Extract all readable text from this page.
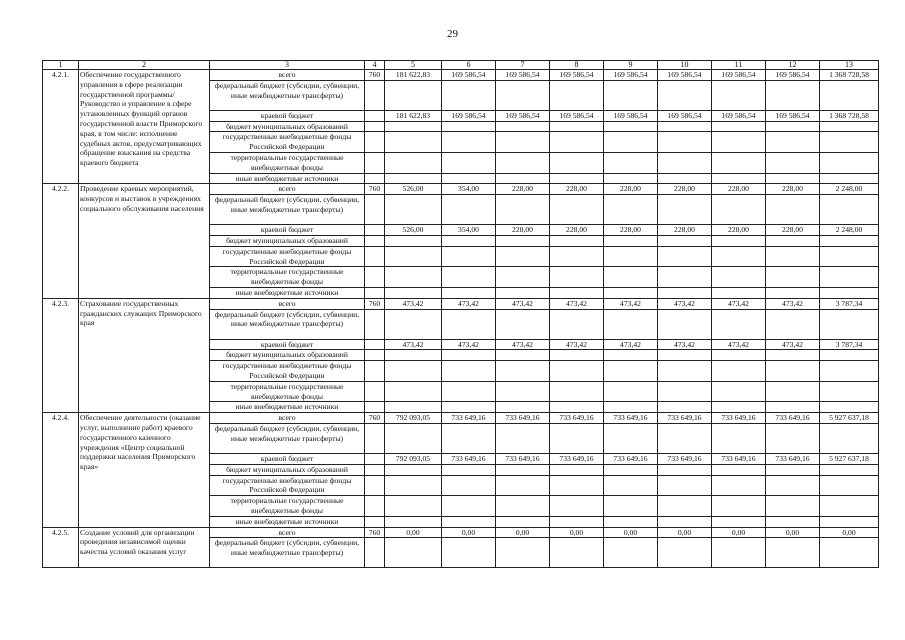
29
1	2	3	4	5	6	7	8	9	10	11	12	13
4.2.1.	Обеспечение государственного управления в сфере реализации государственной программы/ Руководство и управление в сфере установленных функций органов государственной власти Приморского края, в том числе: исполнение судебных актов, предусматривающих обращение взыскания на средства краевого бюджета	всего	760	181 622,83	169 586,54	169 586,54	169 586,54	169 586,54	169 586,54	169 586,54	169 586,54	1 368 728,58
		федеральный бюджет (субсидии, субвенции, иные межбюджетные трансферты)										
		краевой бюджет		181 622,83	169 586,54	169 586,54	169 586,54	169 586,54	169 586,54	169 586,54	169 586,54	1 368 728,58
		бюджет муниципальных образований										
		государственные внебюджетные фонды Российской Федерации										
		территориальные государственные внебюджетные фонды										
		иные внебюджетные источники										
4.2.2.	Проведение краевых мероприятий, конкурсов и выставок в учреждениях социального обслуживания населения	всего	760	526,00	354,00	228,00	228,00	228,00	228,00	228,00	228,00	2 248,00
		федеральный бюджет (субсидии, субвенции, иные межбюджетные трансферты)										
		краевой бюджет		526,00	354,00	228,00	228,00	228,00	228,00	228,00	228,00	2 248,00
		бюджет муниципальных образований										
		государственные внебюджетные фонды Российской Федерации										
		территориальные государственные внебюджетные фонды										
		иные внебюджетные источники										
4.2.3.	Страхование государственных гражданских служащих Приморского края	всего	760	473,42	473,42	473,42	473,42	473,42	473,42	473,42	473,42	3 787,34
		федеральный бюджет (субсидии, субвенции, иные межбюджетные трансферты)										
		краевой бюджет		473,42	473,42	473,42	473,42	473,42	473,42	473,42	473,42	3 787,34
		бюджет муниципальных образований										
		государственные внебюджетные фонды Российской Федерации										
		территориальные государственные внебюджетные фонды										
		иные внебюджетные источники										
4.2.4.	Обеспечение деятельности (оказание услуг, выполнение работ) краевого государственного казенного учреждения «Центр социальной поддержки населения Приморского края»	всего	760	792 093,05	733 649,16	733 649,16	733 649,16	733 649,16	733 649,16	733 649,16	733 649,16	5 927 637,18
		федеральный бюджет (субсидии, субвенции, иные межбюджетные трансферты)										
		краевой бюджет		792 093,05	733 649,16	733 649,16	733 649,16	733 649,16	733 649,16	733 649,16	733 649,16	5 927 637,18
		бюджет муниципальных образований										
		государственные внебюджетные фонды Российской Федерации										
		территориальные государственные внебюджетные фонды										
		иные внебюджетные источники										
4.2.5.	Создание условий для организации проведения независимой оценки качества условий оказания услуг	всего	760	0,00	0,00	0,00	0,00	0,00	0,00	0,00	0,00	0,00
		федеральный бюджет (субсидии, субвенции, иные межбюджетные трансферты)										
